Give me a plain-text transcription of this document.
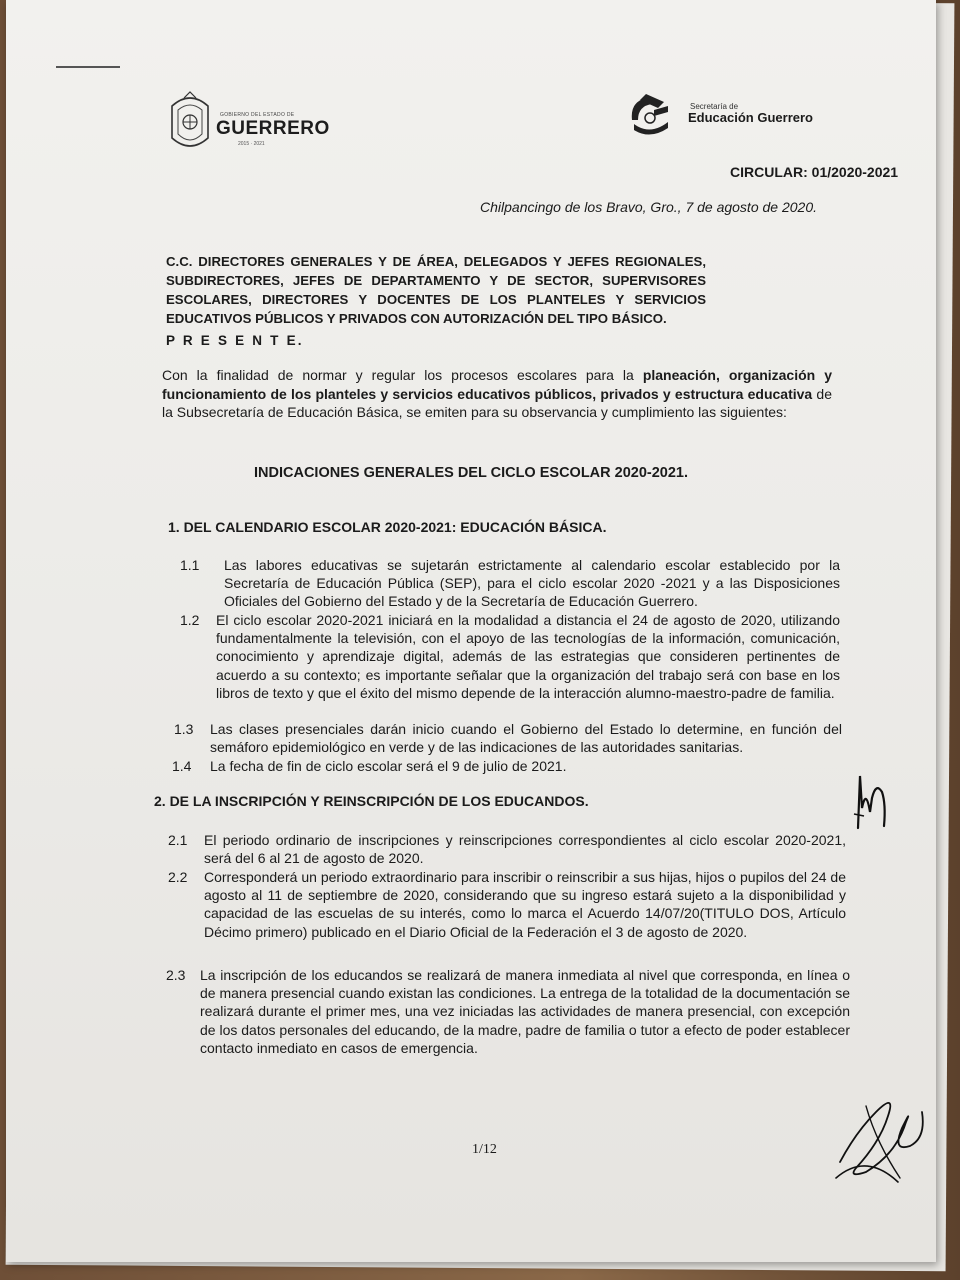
GOBIERNO DEL ESTADO DE
GUERRERO
2015 · 2021
Secretaría de
Educación Guerrero
CIRCULAR: 01/2020-2021
Chilpancingo de los Bravo, Gro., 7 de agosto de 2020.
C.C. DIRECTORES GENERALES Y DE ÁREA, DELEGADOS Y JEFES REGIONALES,
SUBDIRECTORES, JEFES DE DEPARTAMENTO Y DE SECTOR, SUPERVISORES
ESCOLARES, DIRECTORES Y DOCENTES DE LOS PLANTELES Y SERVICIOS
EDUCATIVOS PÚBLICOS Y PRIVADOS CON AUTORIZACIÓN DEL TIPO BÁSICO.
P R E S E N T E.
Con la finalidad de normar y regular los procesos escolares para la planeación, organización y funcionamiento de los planteles y servicios educativos públicos, privados y estructura educativa de la Subsecretaría de Educación Básica, se emiten para su observancia y cumplimiento las siguientes:
INDICACIONES GENERALES DEL CICLO ESCOLAR 2020-2021.
1. DEL CALENDARIO ESCOLAR 2020-2021: EDUCACIÓN BÁSICA.
1.1 Las labores educativas se sujetarán estrictamente al calendario escolar establecido por la Secretaría de Educación Pública (SEP), para el ciclo escolar 2020 -2021 y a las Disposiciones Oficiales del Gobierno del Estado y de la Secretaría de Educación Guerrero.
1.2 El ciclo escolar 2020-2021 iniciará en la modalidad a distancia el 24 de agosto de 2020, utilizando fundamentalmente la televisión, con el apoyo de las tecnologías de la información, comunicación, conocimiento y aprendizaje digital, además de las estrategias que consideren pertinentes de acuerdo a su contexto; es importante señalar que la organización del trabajo será con base en los libros de texto y que el éxito del mismo depende de la interacción alumno-maestro-padre de familia.
1.3 Las clases presenciales darán inicio cuando el Gobierno del Estado lo determine, en función del semáforo epidemiológico en verde y de las indicaciones de las autoridades sanitarias.
1.4 La fecha de fin de ciclo escolar será el 9 de julio de 2021.
2. DE LA INSCRIPCIÓN Y REINSCRIPCIÓN DE LOS EDUCANDOS.
2.1 El periodo ordinario de inscripciones y reinscripciones correspondientes al ciclo escolar 2020-2021, será del 6 al 21 de agosto de 2020.
2.2 Corresponderá un periodo extraordinario para inscribir o reinscribir a sus hijas, hijos o pupilos del 24 de agosto al 11 de septiembre de 2020, considerando que su ingreso estará sujeto a la disponibilidad y capacidad de las escuelas de su interés, como lo marca el Acuerdo 14/07/20(TITULO DOS, Artículo Décimo primero) publicado en el Diario Oficial de la Federación el 3 de agosto de 2020.
2.3 La inscripción de los educandos se realizará de manera inmediata al nivel que corresponda, en línea o de manera presencial cuando existan las condiciones. La entrega de la totalidad de la documentación se realizará durante el primer mes, una vez iniciadas las actividades de manera presencial, con excepción de los datos personales del educando, de la madre, padre de familia o tutor a efecto de poder establecer contacto inmediato en casos de emergencia.
1/12
